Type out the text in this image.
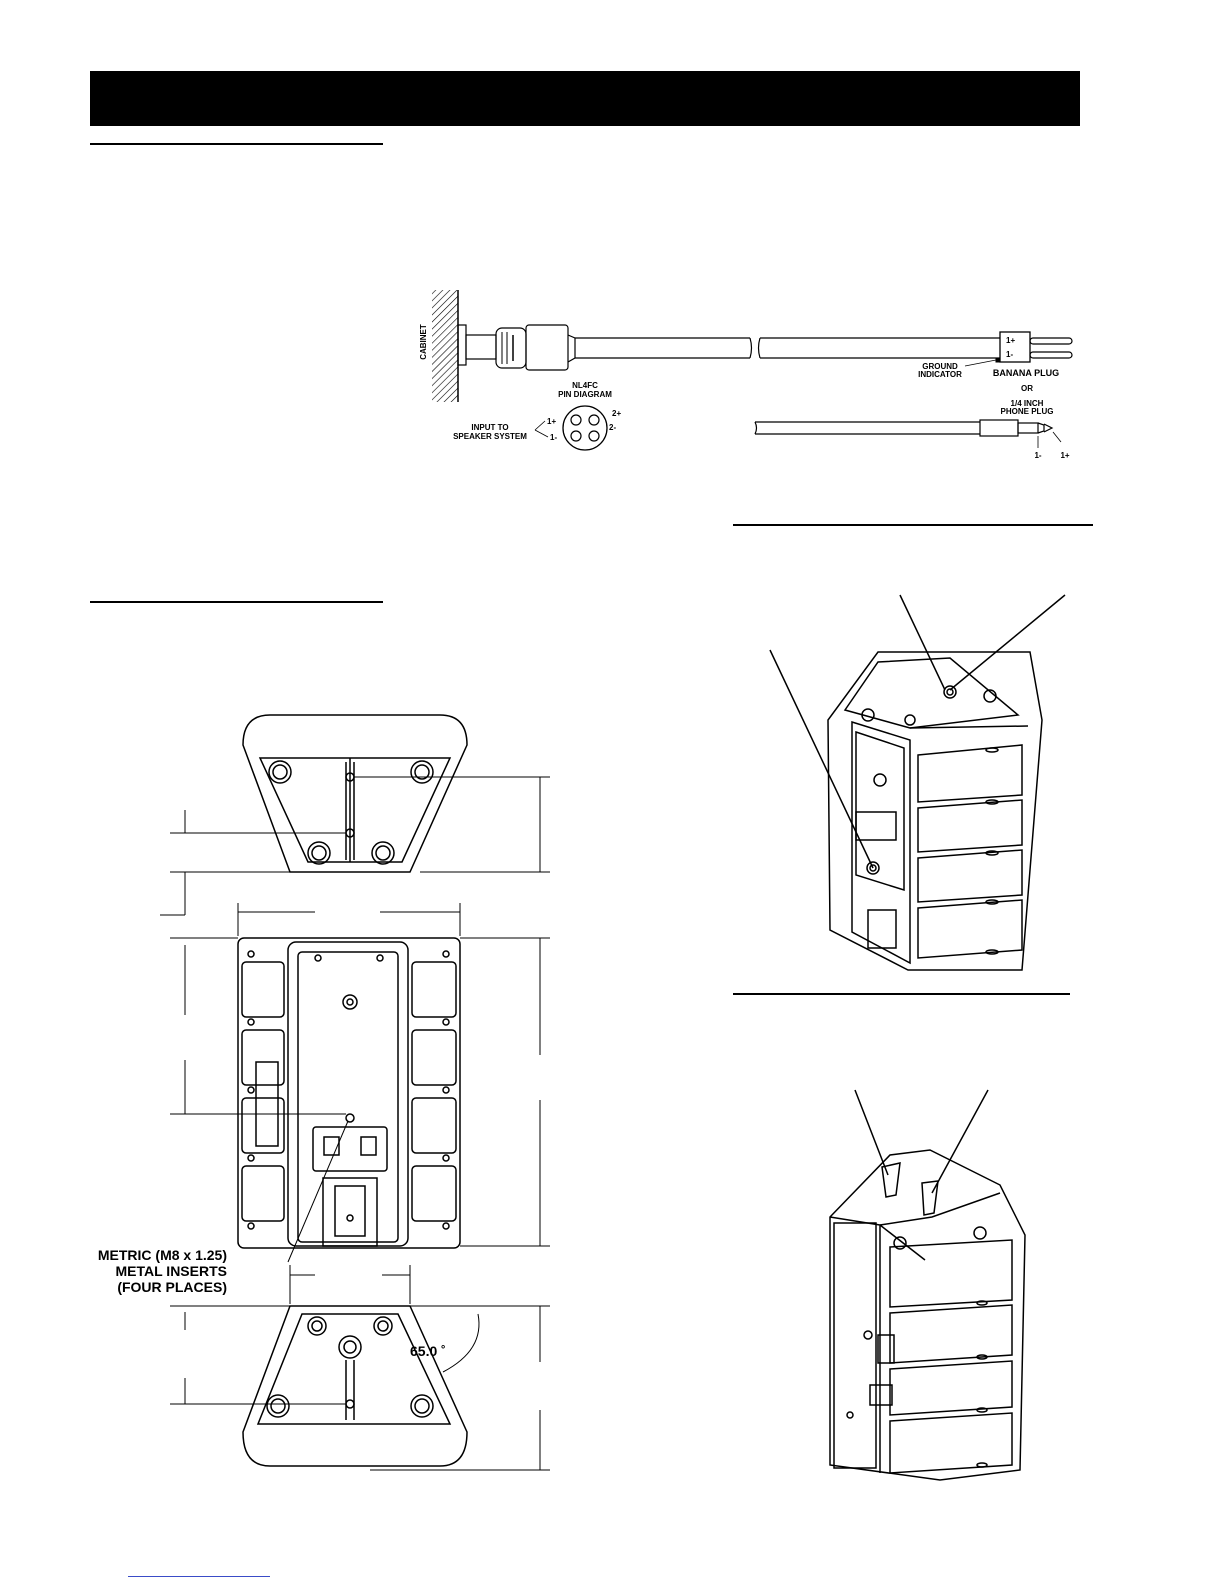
CABINET	1+
1-
GROUND
INDICATOR	BANANA PLUG
OR
1/4 INCH
PHONE PLUG
1- 1+
NL4FC
PIN DIAGRAM
1+
1-
2+
2-
INPUT TO
SPEAKER SYSTEM
65.0 ˚
METRIC (M8 x 1.25)
METAL INSERTS
(FOUR PLACES)
